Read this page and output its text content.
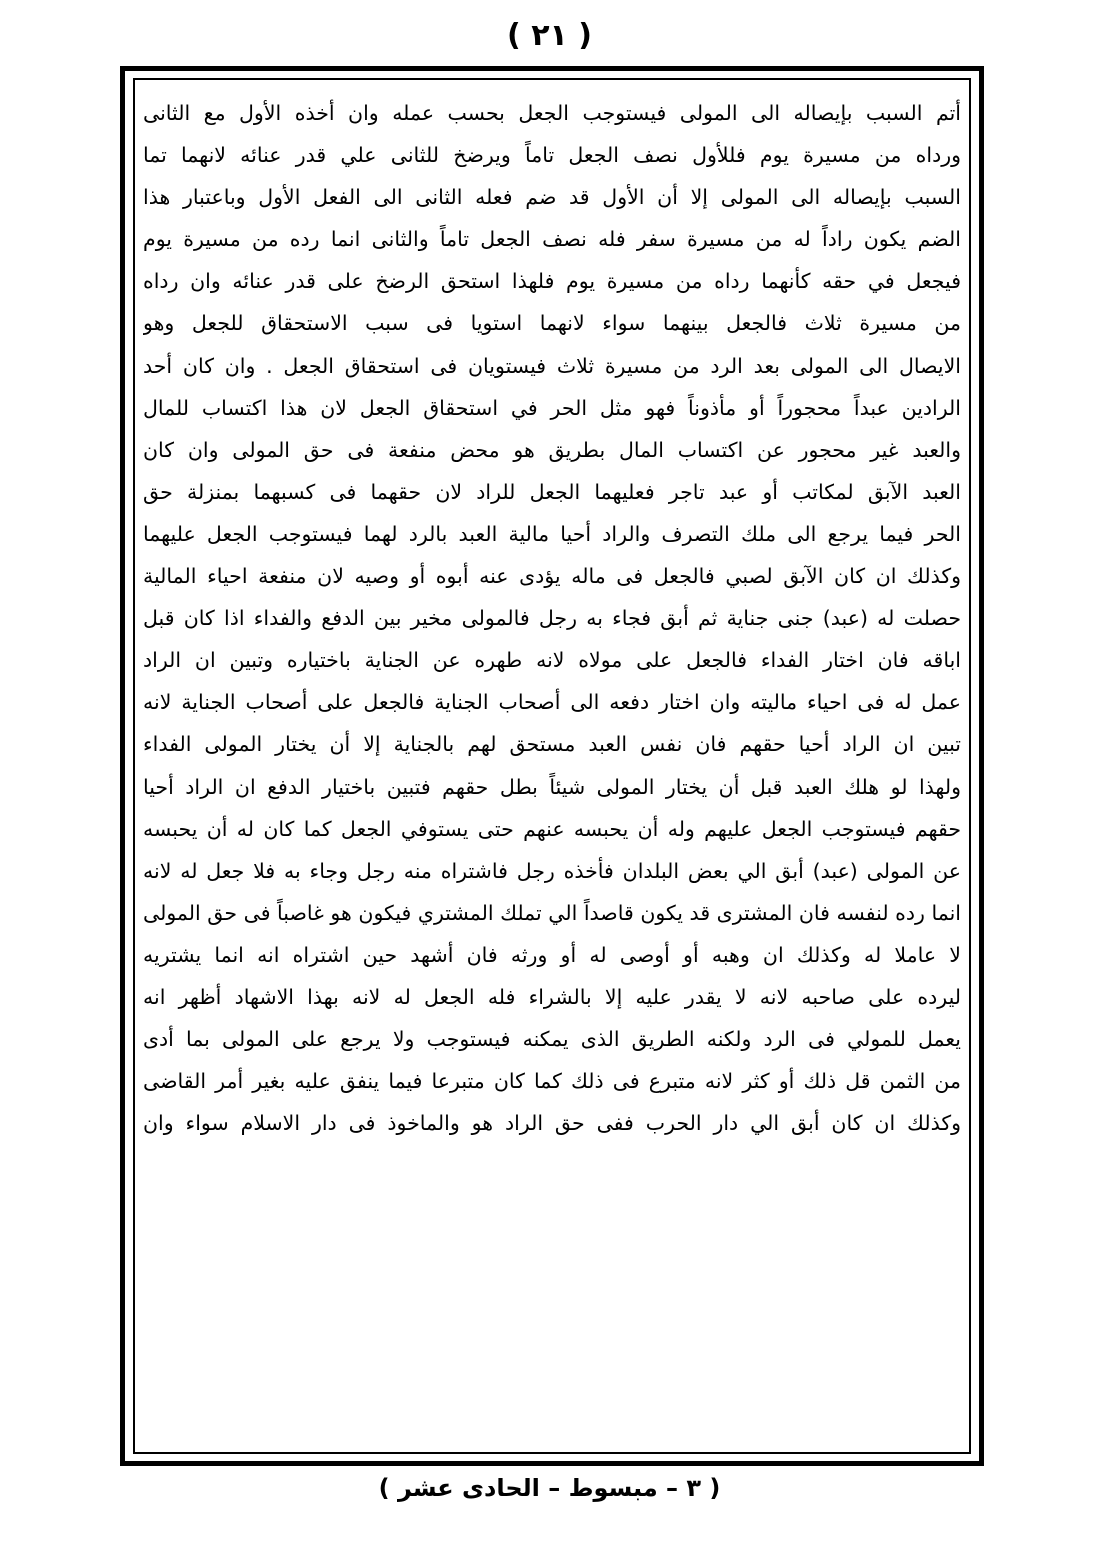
( ٢١ )
أتم السبب بإيصاله الى المولى فيستوجب الجعل بحسب عمله وان أخذه الأول مع الثانى
ورداه من مسيرة يوم فللأول نصف الجعل تاماً ويرضخ للثانى علي قدر عنائه لانهما تما
السبب بإيصاله الى المولى إلا أن الأول قد ضم فعله الثانى الى الفعل الأول وباعتبار هذا
الضم يكون راداً له من مسيرة سفر فله نصف الجعل تاماً والثانى انما رده من مسيرة يوم
فيجعل في حقه كأنهما رداه من مسيرة يوم فلهذا استحق الرضخ على قدر عنائه وان رداه
من مسيرة ثلاث فالجعل بينهما سواء لانهما استويا فى سبب الاستحقاق للجعل وهو
الايصال الى المولى بعد الرد من مسيرة ثلاث فيستويان فى استحقاق الجعل . وان كان أحد
الرادين عبداً محجوراً أو مأذوناً فهو مثل الحر في استحقاق الجعل لان هذا اكتساب للمال
والعبد غير محجور عن اكتساب المال بطريق هو محض منفعة فى حق المولى وان كان
العبد الآبق لمكاتب أو عبد تاجر فعليهما الجعل للراد لان حقهما فى كسبهما بمنزلة حق
الحر فيما يرجع الى ملك التصرف والراد أحيا مالية العبد بالرد لهما فيستوجب الجعل عليهما
وكذلك ان كان الآبق لصبي فالجعل فى ماله يؤدى عنه أبوه أو وصيه لان منفعة احياء المالية
حصلت له (عبد) جنى جناية ثم أبق فجاء به رجل فالمولى مخير بين الدفع والفداء اذا كان قبل
اباقه فان اختار الفداء فالجعل على مولاه لانه طهره عن الجناية باختياره وتبين ان الراد
عمل له فى احياء ماليته وان اختار دفعه الى أصحاب الجناية فالجعل على أصحاب الجناية لانه
تبين ان الراد أحيا حقهم فان نفس العبد مستحق لهم بالجناية إلا أن يختار المولى الفداء
ولهذا لو هلك العبد قبل أن يختار المولى شيئاً بطل حقهم فتبين باختيار الدفع ان الراد أحيا
حقهم فيستوجب الجعل عليهم وله أن يحبسه عنهم حتى يستوفي الجعل كما كان له أن يحبسه
عن المولى (عبد) أبق الي بعض البلدان فأخذه رجل فاشتراه منه رجل وجاء به فلا جعل له لانه
انما رده لنفسه فان المشترى قد يكون قاصداً الي تملك المشتري فيكون هو غاصباً فى حق المولى
لا عاملا له وكذلك ان وهبه أو أوصى له أو ورثه فان أشهد حين اشتراه انه انما يشتريه
ليرده على صاحبه لانه لا يقدر عليه إلا بالشراء فله الجعل له لانه بهذا الاشهاد أظهر انه
يعمل للمولي فى الرد ولكنه الطريق الذى يمكنه فيستوجب ولا يرجع على المولى بما أدى
من الثمن قل ذلك أو كثر لانه متبرع فى ذلك كما كان متبرعا فيما ينفق عليه بغير أمر القاضى
وكذلك ان كان أبق الي دار الحرب ففى حق الراد هو والماخوذ فى دار الاسلام سواء وان
( ٣ – مبسوط – الحادى عشر )
